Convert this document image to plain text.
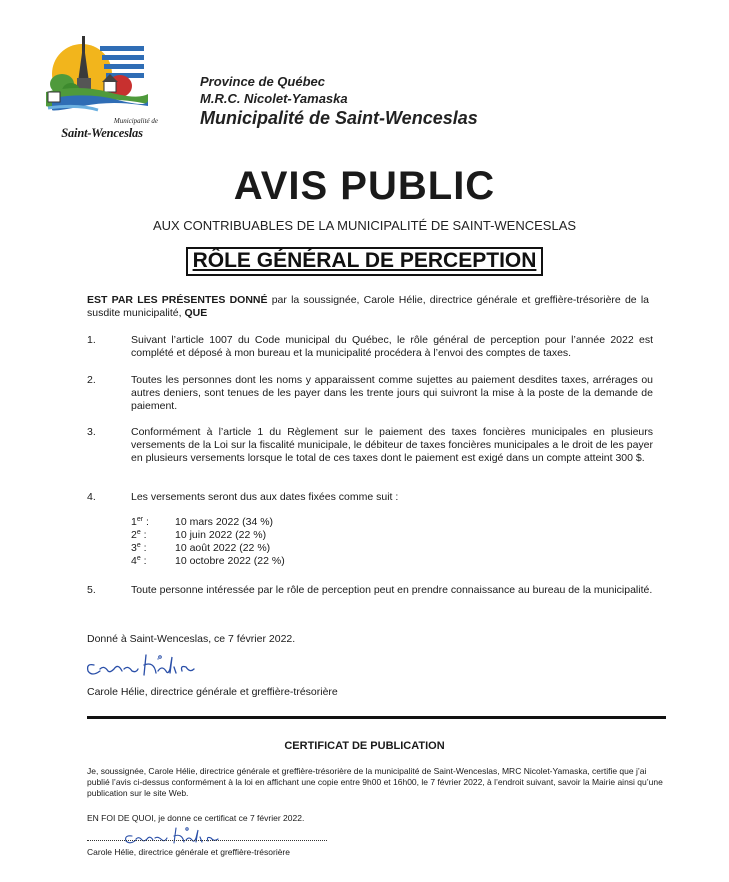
Municipalité de
Saint-Wenceslas
Province de Québec
M.R.C. Nicolet-Yamaska
Municipalité de Saint-Wenceslas
AVIS PUBLIC
AUX CONTRIBUABLES DE LA MUNICIPALITÉ DE SAINT-WENCESLAS
RÔLE GÉNÉRAL DE PERCEPTION
EST PAR LES PRÉSENTES DONNÉ par la soussignée, Carole Hélie, directrice générale et greffière-trésorière de la susdite municipalité, QUE
1.	Suivant l’article 1007 du Code municipal du Québec, le rôle général de perception pour l’année 2022 est complété et déposé à mon bureau et la municipalité procédera à l’envoi des comptes de taxes.
2.	Toutes les personnes dont les noms y apparaissent comme sujettes au paiement desdites taxes, arrérages ou autres deniers, sont tenues de les payer dans les trente jours qui suivront la mise à la poste de la demande de paiement.
3.	Conformément à l’article 1 du Règlement sur le paiement des taxes foncières municipales en plusieurs versements de la Loi sur la fiscalité municipale, le débiteur de taxes foncières municipales a le droit de les payer en plusieurs versements lorsque le total de ces taxes dont le paiement est exigé dans un compte atteint 300 $.
4.	Les versements seront dus aux dates fixées comme suit :
1er :	10 mars 2022 (34 %)
2e :	10 juin 2022 (22 %)
3e :	10 août 2022 (22 %)
4e :	10 octobre 2022 (22 %)
5.	Toute personne intéressée par le rôle de perception peut en prendre connaissance au bureau de la municipalité.
Donné à Saint-Wenceslas, ce 7 février 2022.
Carole Hélie, directrice générale et greffière-trésorière
CERTIFICAT DE PUBLICATION
Je, soussignée, Carole Hélie, directrice générale et greffière-trésorière de la municipalité de Saint-Wenceslas, MRC Nicolet-Yamaska, certifie que j’ai publié l’avis ci-dessus conformément à la loi en affichant une copie entre 9h00 et 16h00, le 7 février 2022, à l’endroit suivant, savoir la Mairie ainsi qu’une publication sur le site Web.
EN FOI DE QUOI, je donne ce certificat ce 7 février 2022.
Carole Hélie, directrice générale et greffière-trésorière
